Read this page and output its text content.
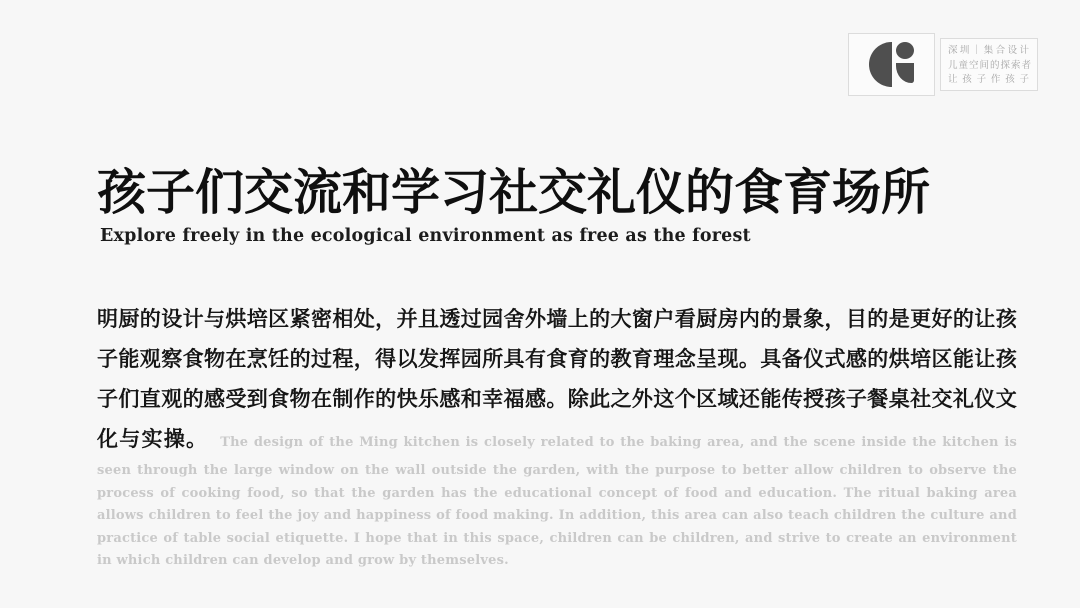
深圳｜集合设计
儿童空间的探索者
让孩子作孩子
孩子们交流和学习社交礼仪的食育场所

Explore freely in the ecological environment as free as the forest

明厨的设计与烘培区紧密相处，并且透过园舍外墙上的大窗户看厨房内的景象，目的是更好的让孩子能观察食物在烹饪的过程，得以发挥园所具有食育的教育理念呈现。具备仪式感的烘培区能让孩子们直观的感受到食物在制作的快乐感和幸福感。除此之外这个区域还能传授孩子餐桌社交礼仪文化与实操。 The design of the Ming kitchen is closely related to the baking area, and the scene inside the kitchen is seen through the large window on the wall outside the garden, with the purpose to better allow children to observe the process of cooking food, so that the garden has the educational concept of food and education. The ritual baking area allows children to feel the joy and happiness of food making. In addition, this area can also teach children the culture and practice of table social etiquette. I hope that in this space, children can be children, and strive to create an environment in which children can develop and grow by themselves.
